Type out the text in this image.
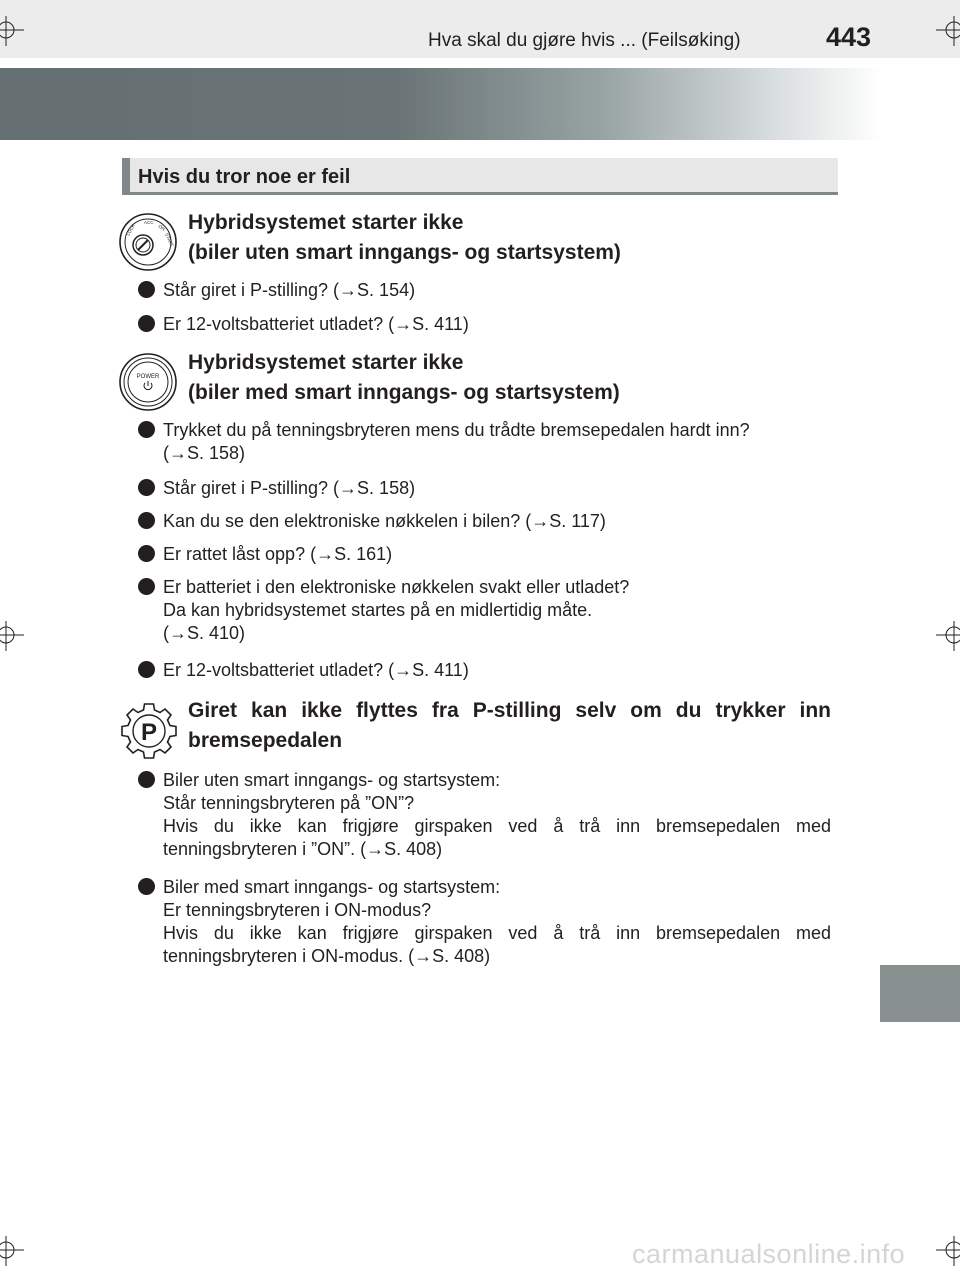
Hva skal du gjøre hvis ... (Feilsøking)	443
Hvis du tror noe er feil
LOCK
ACC
ON
START
Hybridsystemet starter ikke
(biler uten smart inngangs- og startsystem)
Står giret i P-stilling? (→S. 154)
Er 12-voltsbatteriet utladet? (→S. 411)
POWER
Hybridsystemet starter ikke
(biler med smart inngangs- og startsystem)
Trykket du på tenningsbryteren mens du trådte bremsepedalen hardt inn?
(→S. 158)
Står giret i P-stilling? (→S. 158)
Kan du se den elektroniske nøkkelen i bilen? (→S. 117)
Er rattet låst opp? (→S. 161)
Er batteriet i den elektroniske nøkkelen svakt eller utladet?
Da kan hybridsystemet startes på en midlertidig måte.
(→S. 410)
Er 12-voltsbatteriet utladet? (→S. 411)
P
Giret kan ikke flyttes fra P-stilling selv om du trykker inn
bremsepedalen
Biler uten smart inngangs- og startsystem:
Står tenningsbryteren på ”ON”?
Hvis du ikke kan frigjøre girspaken ved å trå inn bremsepedalen med
tenningsbryteren i ”ON”. (→S. 408)
Biler med smart inngangs- og startsystem:
Er tenningsbryteren i ON-modus?
Hvis du ikke kan frigjøre girspaken ved å trå inn bremsepedalen med
tenningsbryteren i ON-modus. (→S. 408)
carmanualsonline.info
